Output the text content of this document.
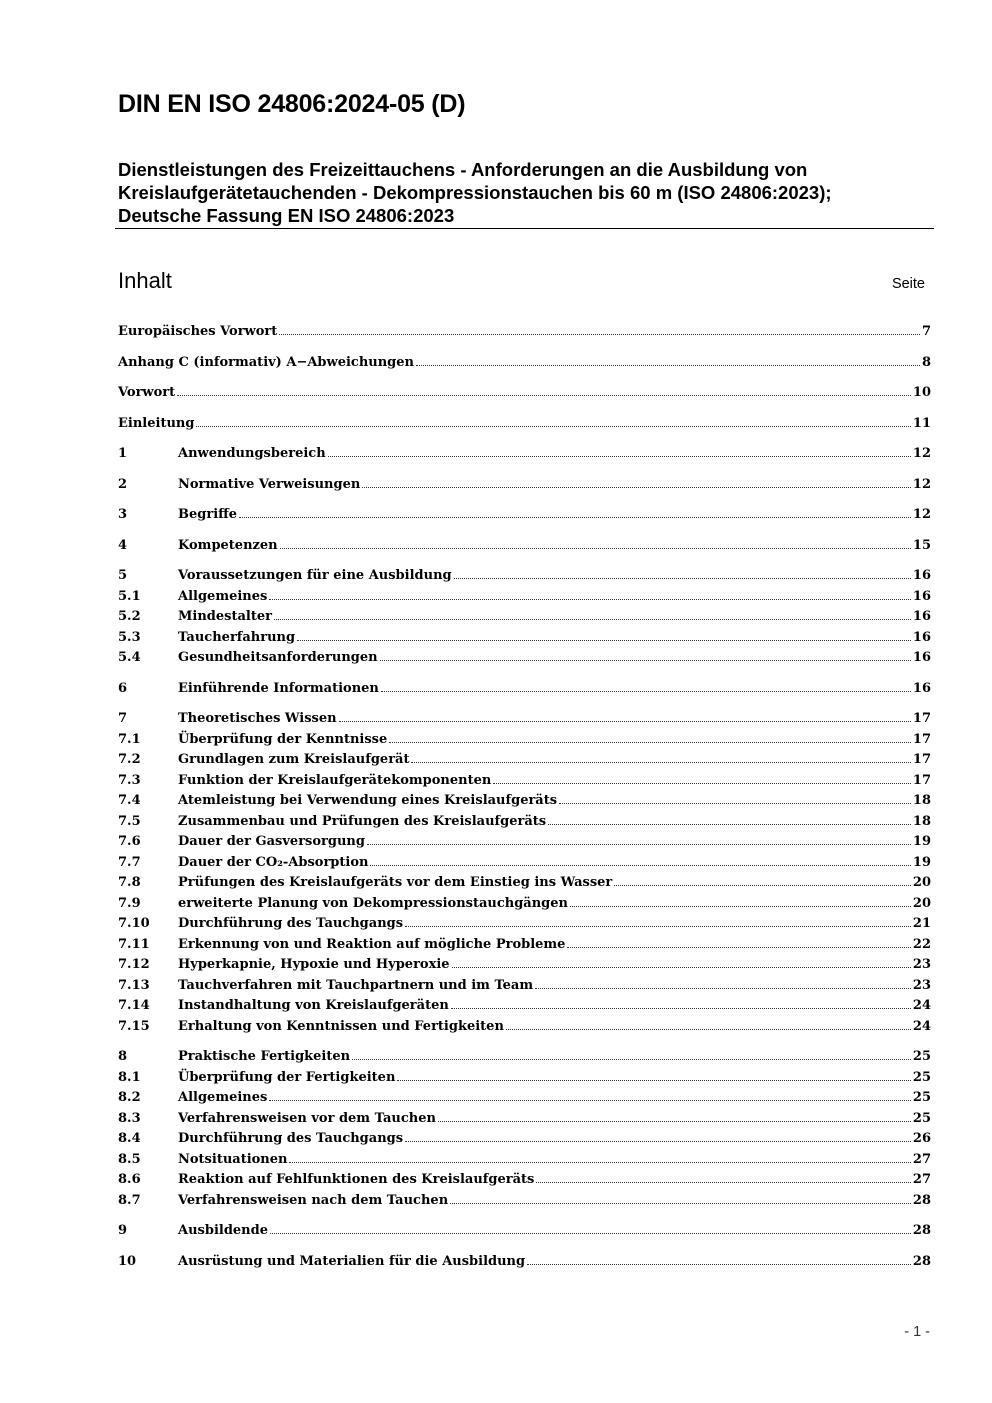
DIN EN ISO 24806:2024-05 (D)
Dienstleistungen des Freizeittauchens - Anforderungen an die Ausbildung von
Kreislaufgerätetauchenden - Dekompressionstauchen bis 60 m (ISO 24806:2023);
Deutsche Fassung EN ISO 24806:2023
Inhalt	Seite
Europäisches Vorwort	7
Anhang C (informativ) A−Abweichungen	8
Vorwort	10
Einleitung	11
1	Anwendungsbereich	12
2	Normative Verweisungen	12
3	Begriffe	12
4	Kompetenzen	15
5	Voraussetzungen für eine Ausbildung	16
5.1	Allgemeines	16
5.2	Mindestalter	16
5.3	Taucherfahrung	16
5.4	Gesundheitsanforderungen	16
6	Einführende Informationen	16
7	Theoretisches Wissen	17
7.1	Überprüfung der Kenntnisse	17
7.2	Grundlagen zum Kreislaufgerät	17
7.3	Funktion der Kreislaufgerätekomponenten	17
7.4	Atemleistung bei Verwendung eines Kreislaufgeräts	18
7.5	Zusammenbau und Prüfungen des Kreislaufgeräts	18
7.6	Dauer der Gasversorgung	19
7.7	Dauer der CO₂-Absorption	19
7.8	Prüfungen des Kreislaufgeräts vor dem Einstieg ins Wasser	20
7.9	erweiterte Planung von Dekompressionstauchgängen	20
7.10	Durchführung des Tauchgangs	21
7.11	Erkennung von und Reaktion auf mögliche Probleme	22
7.12	Hyperkapnie, Hypoxie und Hyperoxie	23
7.13	Tauchverfahren mit Tauchpartnern und im Team	23
7.14	Instandhaltung von Kreislaufgeräten	24
7.15	Erhaltung von Kenntnissen und Fertigkeiten	24
8	Praktische Fertigkeiten	25
8.1	Überprüfung der Fertigkeiten	25
8.2	Allgemeines	25
8.3	Verfahrensweisen vor dem Tauchen	25
8.4	Durchführung des Tauchgangs	26
8.5	Notsituationen	27
8.6	Reaktion auf Fehlfunktionen des Kreislaufgeräts	27
8.7	Verfahrensweisen nach dem Tauchen	28
9	Ausbildende	28
10	Ausrüstung und Materialien für die Ausbildung	28
- 1 -
